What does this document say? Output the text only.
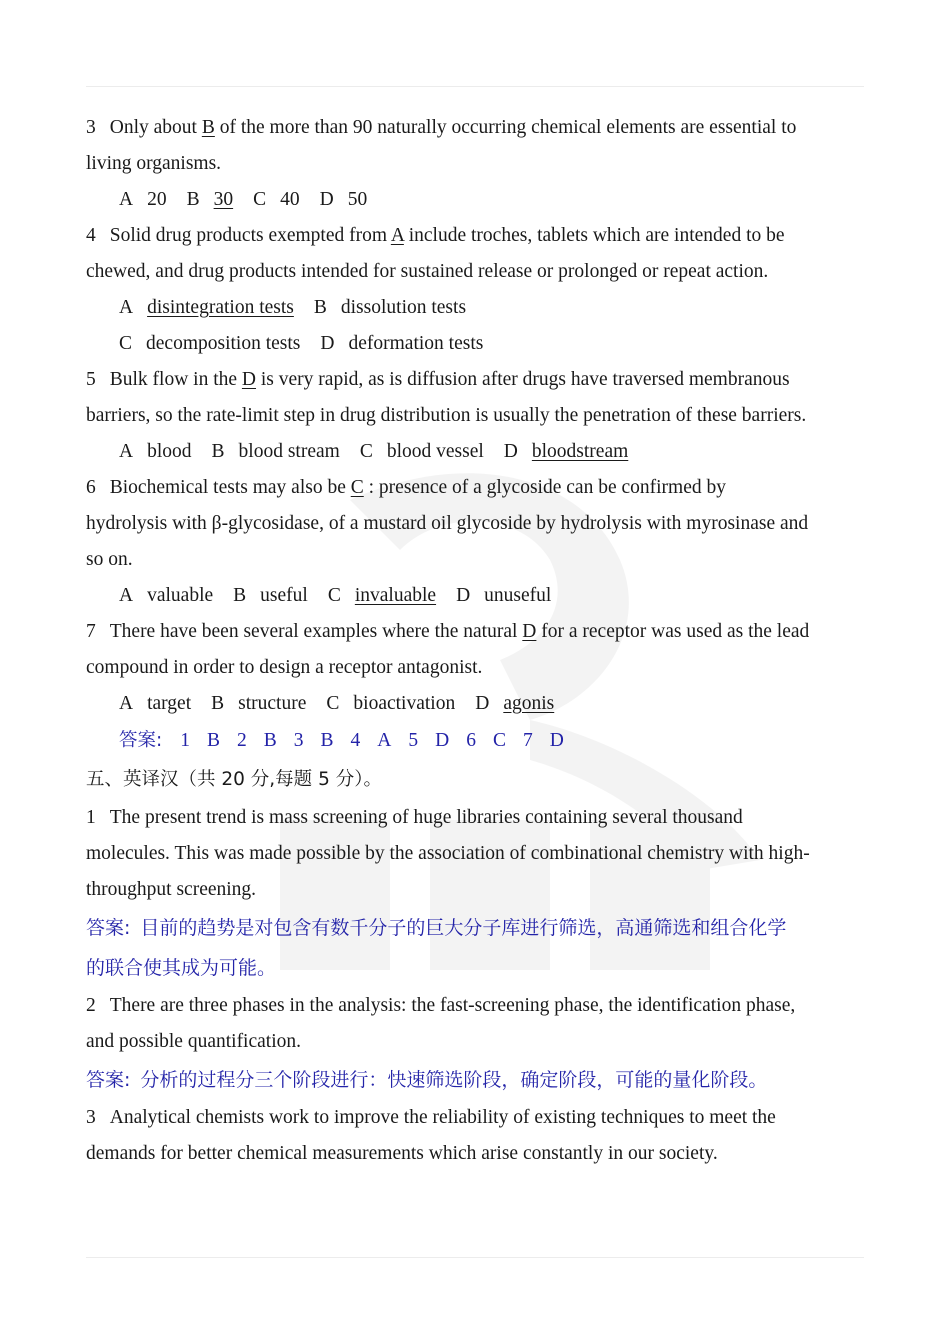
3 Only about B of the more than 90 naturally occurring chemical elements are essential to
living organisms.
A 20 B 30 C 40 D 50
4 Solid drug products exempted from A include troches, tablets which are intended to be
chewed, and drug products intended for sustained release or prolonged or repeat action.
A disintegration tests B dissolution tests
C decomposition tests D deformation tests
5 Bulk flow in the D is very rapid, as is diffusion after drugs have traversed membranous
barriers, so the rate-limit step in drug distribution is usually the penetration of these barriers.
A blood B blood stream C blood vessel D bloodstream
6 Biochemical tests may also be C : presence of a glycoside can be confirmed by
hydrolysis with β-glycosidase, of a mustard oil glycoside by hydrolysis with myrosinase and
so on.
A valuable B useful C invaluable D unuseful
7 There have been several examples where the natural D for a receptor was used as the lead
compound in order to design a receptor antagonist.
A target B structure C bioactivation D agonis
答案: 1 B 2 B 3 B 4 A 5 D 6 C 7 D
五、英译汉（共 20 分,每题 5 分）。
1 The present trend is mass screening of huge libraries containing several thousand
molecules. This was made possible by the association of combinational chemistry with high-
throughput screening.
答案: 目前的趋势是对包含有数千分子的巨大分子库进行筛选，高通筛选和组合化学
的联合使其成为可能。
2 There are three phases in the analysis: the fast-screening phase, the identification phase,
and possible quantification.
答案: 分析的过程分三个阶段进行：快速筛选阶段，确定阶段，可能的量化阶段。
3 Analytical chemists work to improve the reliability of existing techniques to meet the
demands for better chemical measurements which arise constantly in our society.
